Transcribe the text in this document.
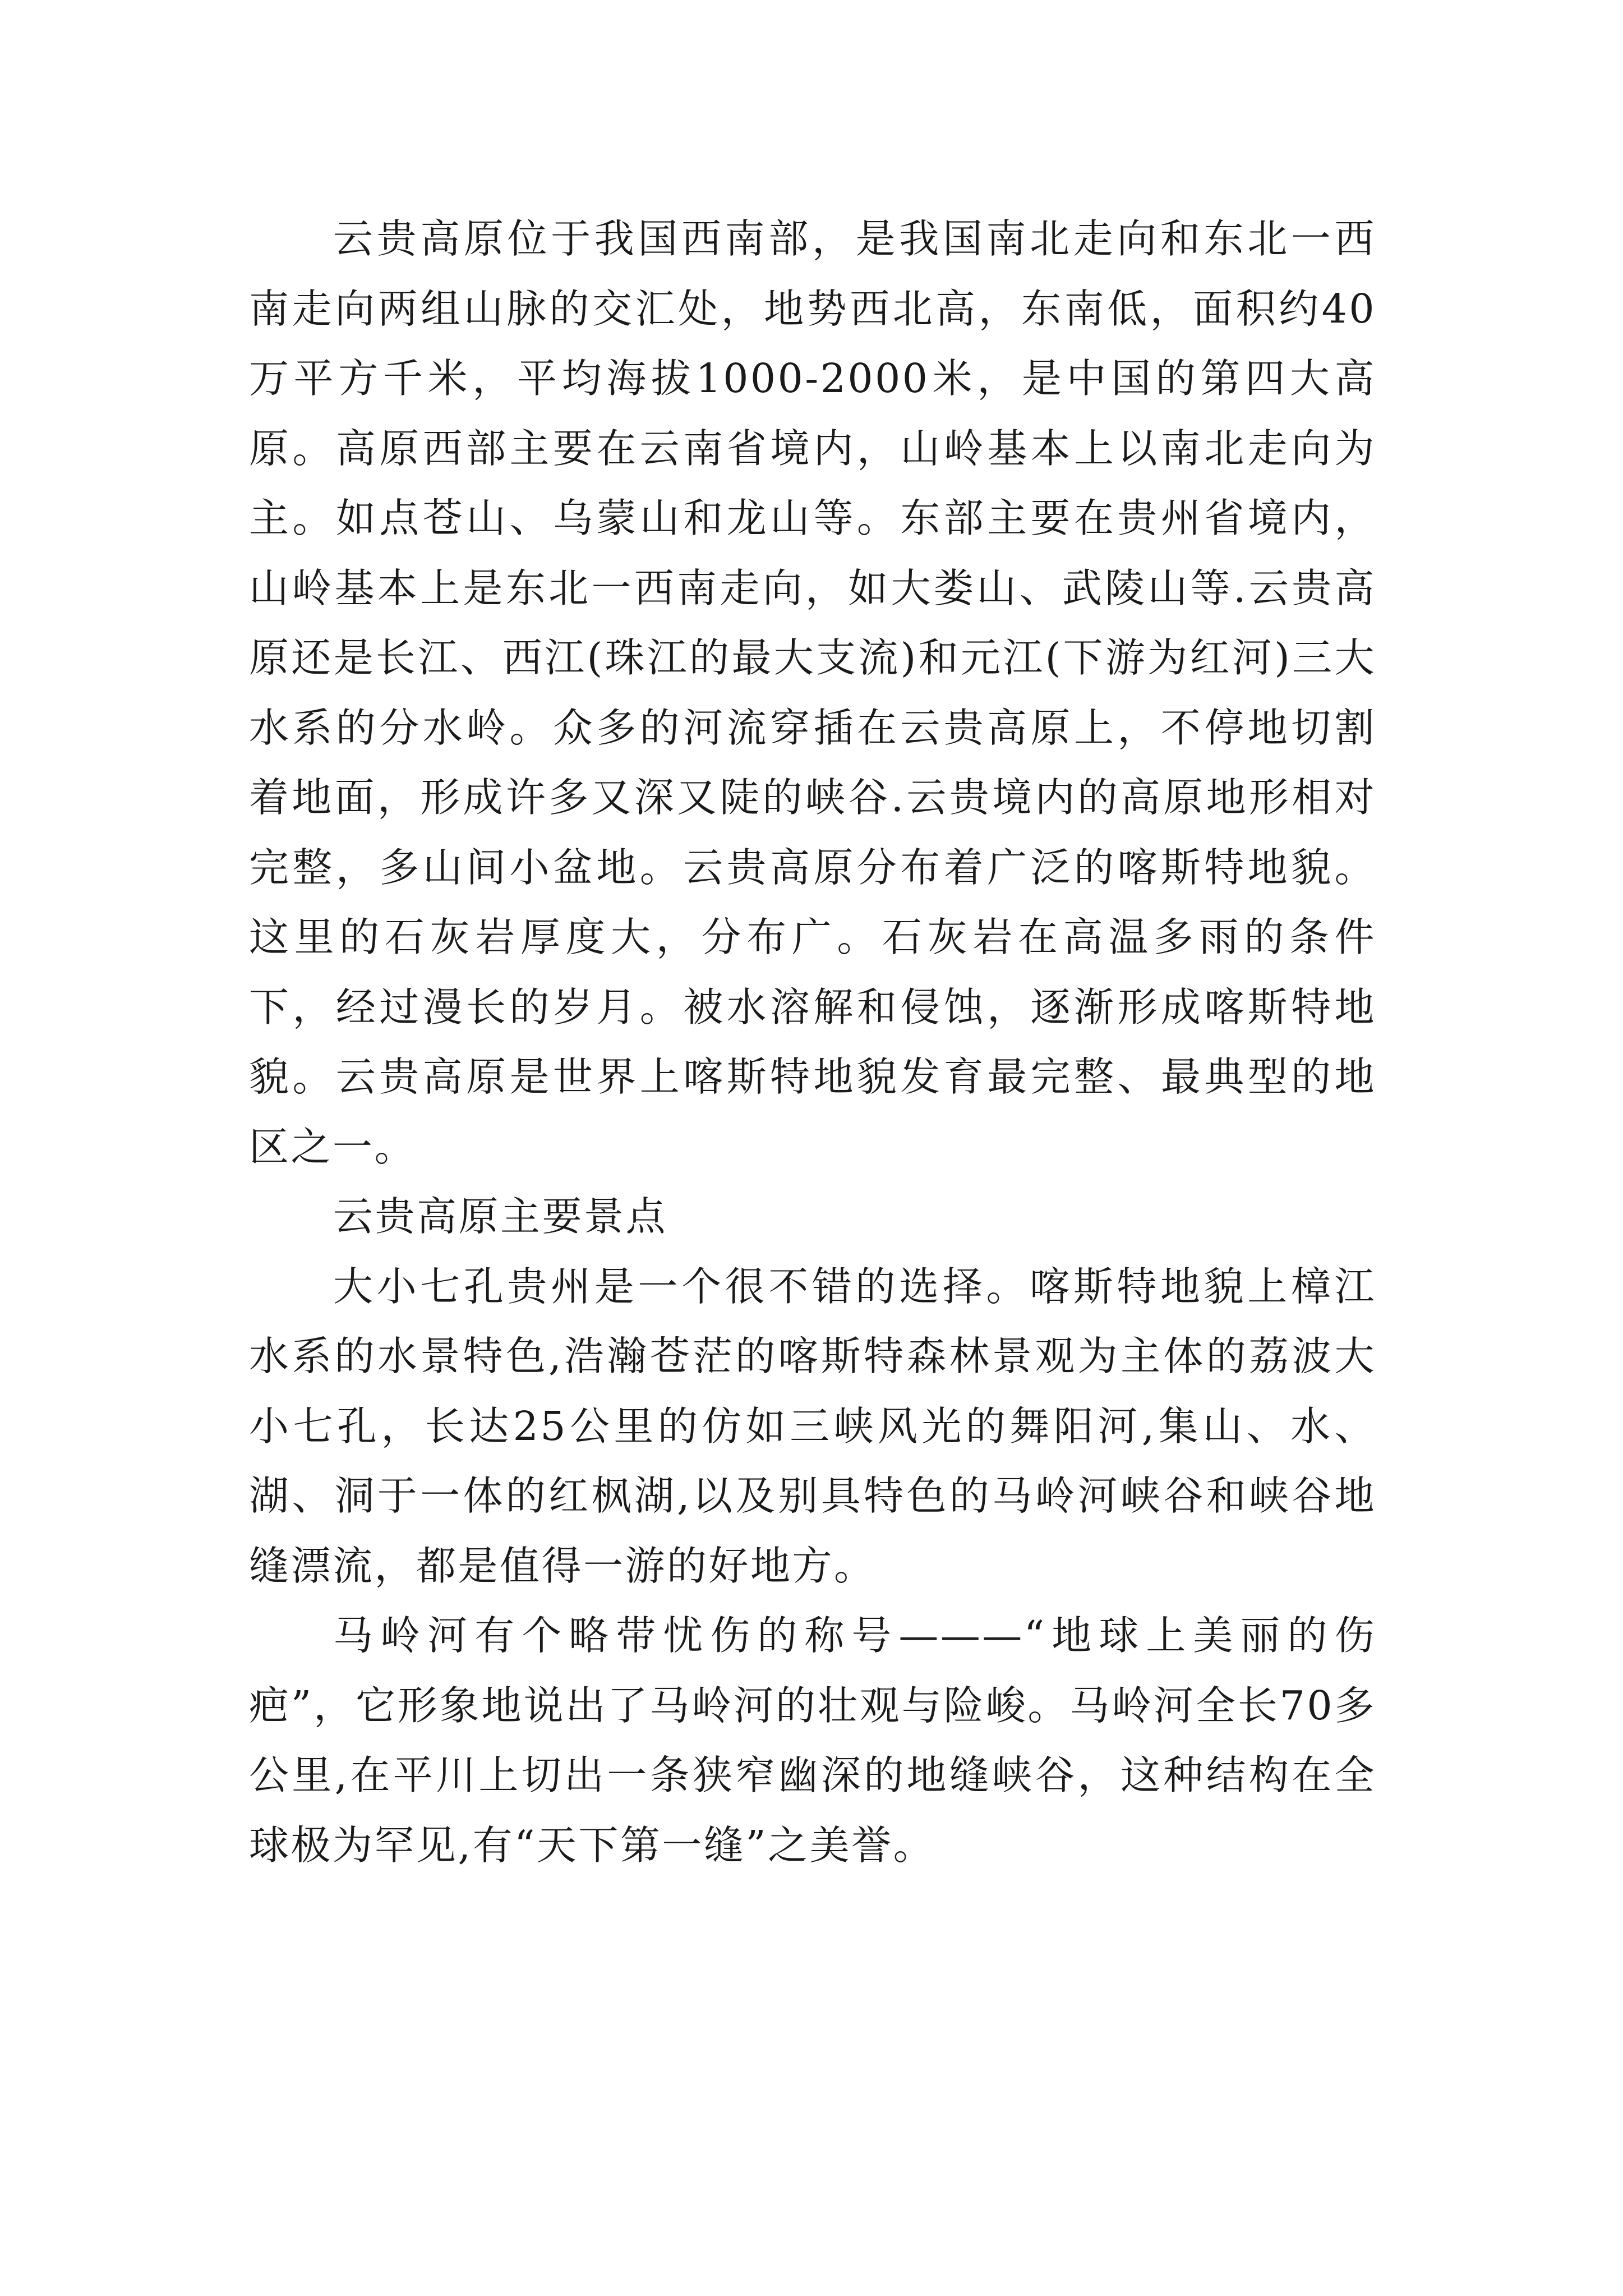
云贵高原位于我国西南部，是我国南北走向和东北一西南走向两组山脉的交汇处，地势西北高，东南低，面积约40万平方千米，平均海拔1000-2000米，是中国的第四大高原。高原西部主要在云南省境内，山岭基本上以南北走向为主。如点苍山、乌蒙山和龙山等。东部主要在贵州省境内，山岭基本上是东北一西南走向，如大娄山、武陵山等.云贵高原还是长江、西江(珠江的最大支流)和元江(下游为红河)三大水系的分水岭。众多的河流穿插在云贵高原上，不停地切割着地面，形成许多又深又陡的峡谷.云贵境内的高原地形相对完整，多山间小盆地。云贵高原分布着广泛的喀斯特地貌。这里的石灰岩厚度大，分布广。石灰岩在高温多雨的条件下，经过漫长的岁月。被水溶解和侵蚀，逐渐形成喀斯特地貌。云贵高原是世界上喀斯特地貌发育最完整、最典型的地区之一。

云贵高原主要景点

大小七孔贵州是一个很不错的选择。喀斯特地貌上樟江水系的水景特色,浩瀚苍茫的喀斯特森林景观为主体的荔波大小七孔，长达25公里的仿如三峡风光的舞阳河,集山、水、湖、洞于一体的红枫湖,以及别具特色的马岭河峡谷和峡谷地缝漂流，都是值得一游的好地方。

马岭河有个略带忧伤的称号———“地球上美丽的伤疤”，它形象地说出了马岭河的壮观与险峻。马岭河全长70多公里,在平川上切出一条狭窄幽深的地缝峡谷，这种结构在全球极为罕见,有“天下第一缝”之美誉。
